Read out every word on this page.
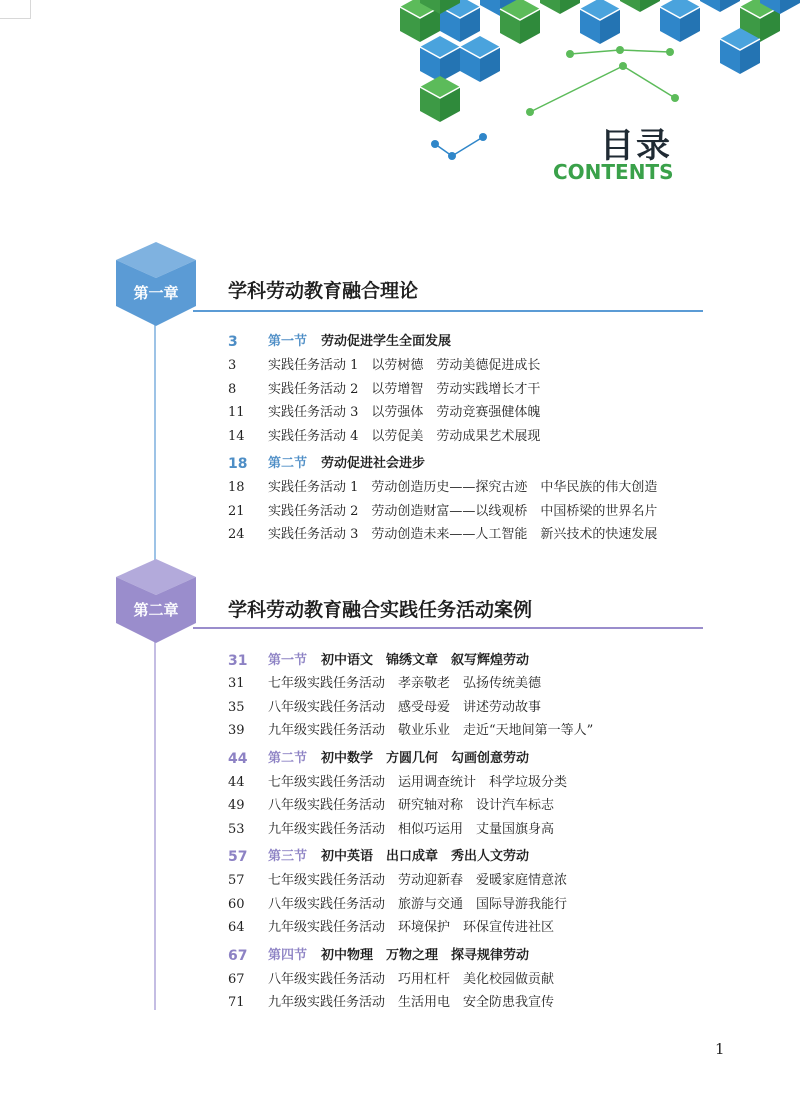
目录
CONTENTS
第一章	学科劳动教育融合理论
3	第一节 劳动促进学生全面发展
3	实践任务活动 1　以劳树德　劳动美德促进成长
8	实践任务活动 2　以劳增智　劳动实践增长才干
11	实践任务活动 3　以劳强体　劳动竞赛强健体魄
14	实践任务活动 4　以劳促美　劳动成果艺术展现
18	第二节 劳动促进社会进步
18	实践任务活动 1　劳动创造历史——探究古迹　中华民族的伟大创造
21	实践任务活动 2　劳动创造财富——以线观桥　中国桥梁的世界名片
24	实践任务活动 3　劳动创造未来——人工智能　新兴技术的快速发展
第二章	学科劳动教育融合实践任务活动案例
31	第一节 初中语文　锦绣文章　叙写辉煌劳动
31	七年级实践任务活动　孝亲敬老　弘扬传统美德
35	八年级实践任务活动　感受母爱　讲述劳动故事
39	九年级实践任务活动　敬业乐业　走近“天地间第一等人”
44	第二节 初中数学　方圆几何　勾画创意劳动
44	七年级实践任务活动　运用调查统计　科学垃圾分类
49	八年级实践任务活动　研究轴对称　设计汽车标志
53	九年级实践任务活动　相似巧运用　丈量国旗身高
57	第三节 初中英语　出口成章　秀出人文劳动
57	七年级实践任务活动　劳动迎新春　爱暖家庭情意浓
60	八年级实践任务活动　旅游与交通　国际导游我能行
64	九年级实践任务活动　环境保护　环保宣传进社区
67	第四节 初中物理　万物之理　探寻规律劳动
67	八年级实践任务活动　巧用杠杆　美化校园做贡献
71	九年级实践任务活动　生活用电　安全防患我宣传
1
